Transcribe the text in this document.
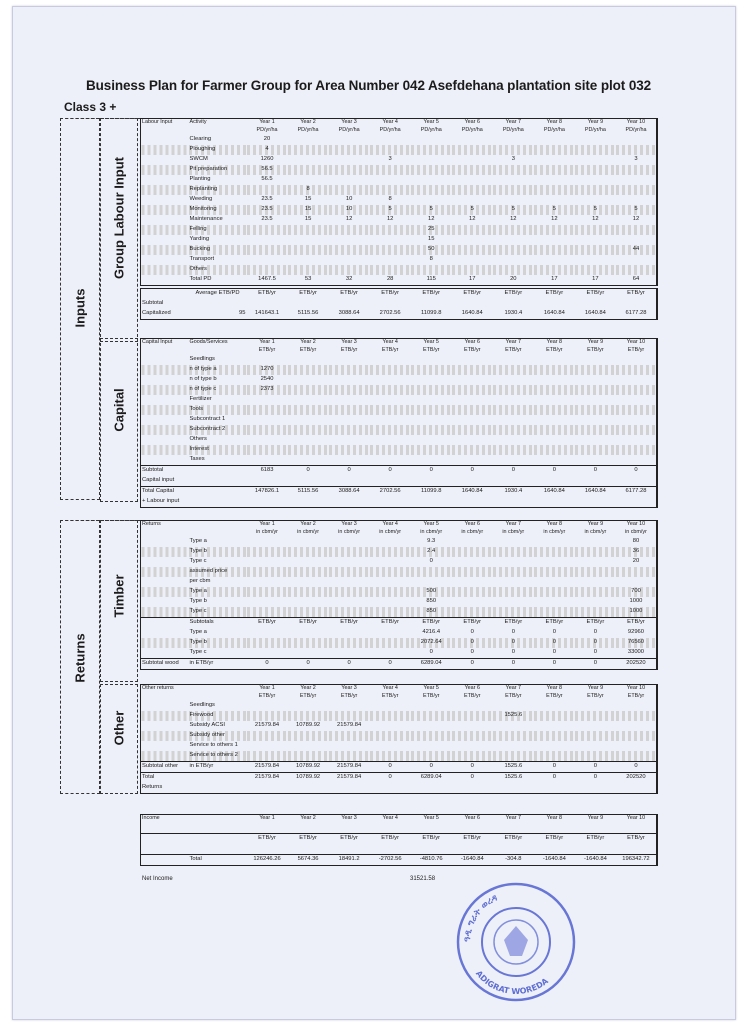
Business Plan for Farmer Group for Area Number 042 Asefdehana plantation site plot 032
Class 3 +
Inputs
Group Labour Input
Capital
Returns
Timber
Other
Labour Input	Activity	Year 1	Year 2	Year 3	Year 4	Year 5	Year 6	Year 7	Year 8	Year 9	Year 10
		PD/yr/ha	PD/yr/ha	PD/yr/ha	PD/yr/ha	PD/yr/ha	PD/yr/ha	PD/yr/ha	PD/yr/ha	PD/yr/ha	PD/yr/ha
	Clearing	20									
	Ploughing	4									
	SWCM	1260			3			3			3
	Pit preparation	56.5									
	Planting	56.5									
	Replanting		8								
	Weeding	23.5	15	10	8						
	Monitoring	23.5	15	10	5	5	5	5	5	5	5
	Maintenance	23.5	15	12	12	12	12	12	12	12	12
	Felling					25					
	Yarding					15					
	Bucking					50					44
	Transport					8					
	Others										
	Total PD	1467.5	53	32	28	115	17	20	17	17	64
	Average ETB/PD	ETB/yr	ETB/yr	ETB/yr	ETB/yr	ETB/yr	ETB/yr	ETB/yr	ETB/yr	ETB/yr	ETB/yr
Subtotal											
Capitalized	95	141643.1	5115.56	3088.64	2702.56	11099.8	1640.84	1930.4	1640.84	1640.84	6177.28
Capital Input	Goods/Services	Year 1	Year 2	Year 3	Year 4	Year 5	Year 6	Year 7	Year 8	Year 9	Year 10
		ETB/yr	ETB/yr	ETB/yr	ETB/yr	ETB/yr	ETB/yr	ETB/yr	ETB/yr	ETB/yr	ETB/yr
	Seedlings										
	n of type a	1270									
	n of type b	2540									
	n of type c	2373									
	Fertilizer										
	Tools										
	Subcontract 1										
	Subcontract 2										
	Others										
	Interest										
	Taxes										
Subtotal		6183	0	0	0	0	0	0	0	0	0
Capital input											
Total Capital		147826.1	5115.56	3088.64	2702.56	11099.8	1640.84	1930.4	1640.84	1640.84	6177.28
+ Labour input											
Returns		Year 1	Year 2	Year 3	Year 4	Year 5	Year 6	Year 7	Year 8	Year 9	Year 10
		in cbm/yr	in cbm/yr	in cbm/yr	in cbm/yr	in cbm/yr	in cbm/yr	in cbm/yr	in cbm/yr	in cbm/yr	in cbm/yr
	Type a					9.3					80
	Type b					2.4					36
	Type c					0					20
	assumed price										
	per cbm										
	Type a					500					700
	Type b					850					1000
	Type c					850					1000
	Subtotals	ETB/yr	ETB/yr	ETB/yr	ETB/yr	ETB/yr	ETB/yr	ETB/yr	ETB/yr	ETB/yr	ETB/yr
	Type a					4216.4	0	0	0	0	92960
	Type b					2072.64	0	0	0	0	76560
	Type c					0	0	0	0	0	33000
Subtotal wood	in ETB/yr	0	0	0	0	6289.04	0	0	0	0	202520
Other returns		Year 1	Year 2	Year 3	Year 4	Year 5	Year 6	Year 7	Year 8	Year 9	Year 10
		ETB/yr	ETB/yr	ETB/yr	ETB/yr	ETB/yr	ETB/yr	ETB/yr	ETB/yr	ETB/yr	ETB/yr
	Seedlings										
	Firewood							1525.6			
	Subsidy ACSI	21579.84	10789.92	21579.84							
	Subsidy other										
	Service to others 1										
	Service to others 2										
Subtotal other	in ETB/yr	21579.84	10789.92	21579.84	0	0	0	1525.6	0	0	0
Total		21579.84	10789.92	21579.84	0	6289.04	0	1525.6	0	0	202520
Returns											
Income		Year 1	Year 2	Year 3	Year 4	Year 5	Year 6	Year 7	Year 8	Year 9	Year 10

		ETB/yr	ETB/yr	ETB/yr	ETB/yr	ETB/yr	ETB/yr	ETB/yr	ETB/yr	ETB/yr	ETB/yr

	Total	126246.26	5674.36	18491.2	-2702.56	-4810.76	-1640.84	-304.8	-1640.84	-1640.84	196342.72
Net Income	31521.58
ዓዲ ግራት ወረዳ
ADIGRAT WOREDA
